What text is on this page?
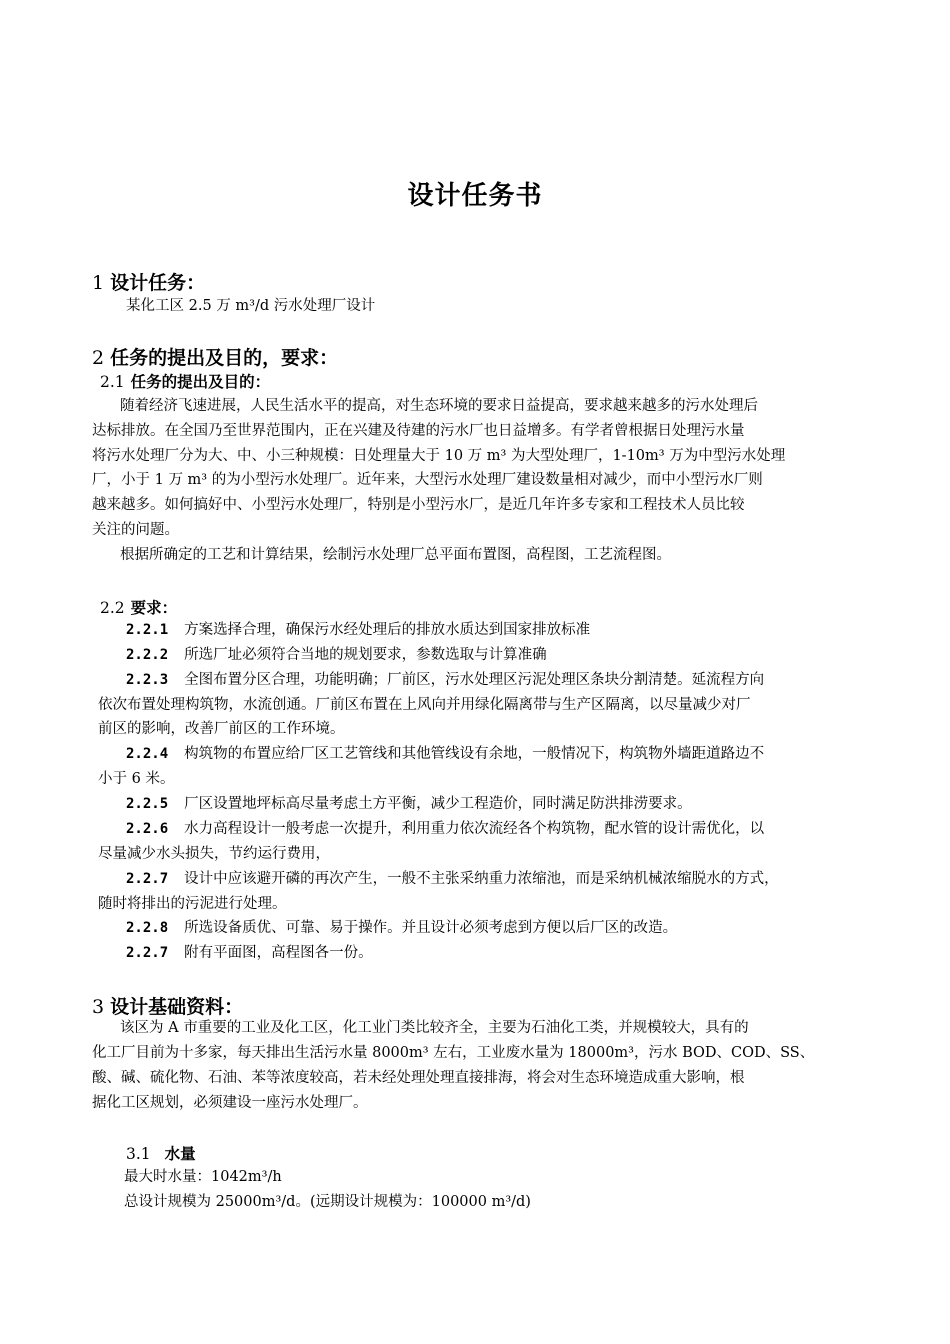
设计任务书
1 设计任务：
某化工区 2.5 万 m³/d 污水处理厂设计
2 任务的提出及目的，要求：
2.1 任务的提出及目的：
随着经济飞速进展，人民生活水平的提高，对生态环境的要求日益提高，要求越来越多的污水处理后
达标排放。在全国乃至世界范围内，正在兴建及待建的污水厂也日益增多。有学者曾根据日处理污水量
将污水处理厂分为大、中、小三种规模：日处理量大于 10 万 m³ 为大型处理厂，1-10m³ 万为中型污水处理
厂，小于 1 万 m³ 的为小型污水处理厂。近年来，大型污水处理厂建设数量相对减少，而中小型污水厂则
越来越多。如何搞好中、小型污水处理厂，特别是小型污水厂，是近几年许多专家和工程技术人员比较
关注的问题。
根据所确定的工艺和计算结果，绘制污水处理厂总平面布置图，高程图，工艺流程图。
2.2 要求：
2.2.1 方案选择合理，确保污水经处理后的排放水质达到国家排放标准
2.2.2 所选厂址必须符合当地的规划要求，参数选取与计算准确
2.2.3 全图布置分区合理，功能明确；厂前区，污水处理区污泥处理区条块分割清楚。延流程方向
依次布置处理构筑物，水流创通。厂前区布置在上风向并用绿化隔离带与生产区隔离，以尽量减少对厂
前区的影响，改善厂前区的工作环境。
2.2.4 构筑物的布置应给厂区工艺管线和其他管线设有余地，一般情况下，构筑物外墙距道路边不
小于 6 米。
2.2.5 厂区设置地坪标高尽量考虑土方平衡，减少工程造价，同时满足防洪排涝要求。
2.2.6 水力高程设计一般考虑一次提升，利用重力依次流经各个构筑物，配水管的设计需优化，以
尽量减少水头损失，节约运行费用，
2.2.7 设计中应该避开磷的再次产生，一般不主张采纳重力浓缩池，而是采纳机械浓缩脱水的方式，
随时将排出的污泥进行处理。
2.2.8 所选设备质优、可靠、易于操作。并且设计必须考虑到方便以后厂区的改造。
2.2.7 附有平面图，高程图各一份。
3 设计基础资料：
该区为 A 市重要的工业及化工区，化工业门类比较齐全，主要为石油化工类，并规模较大，具有的
化工厂目前为十多家，每天排出生活污水量 8000m³ 左右，工业废水量为 18000m³，污水 BOD、COD、SS、
酸、碱、硫化物、石油、苯等浓度较高，若未经处理处理直接排海，将会对生态环境造成重大影响，根
据化工区规划，必须建设一座污水处理厂。
3.1 水量
最大时水量：1042m³/h
总设计规模为 25000m³/d。(远期设计规模为：100000 m³/d)
